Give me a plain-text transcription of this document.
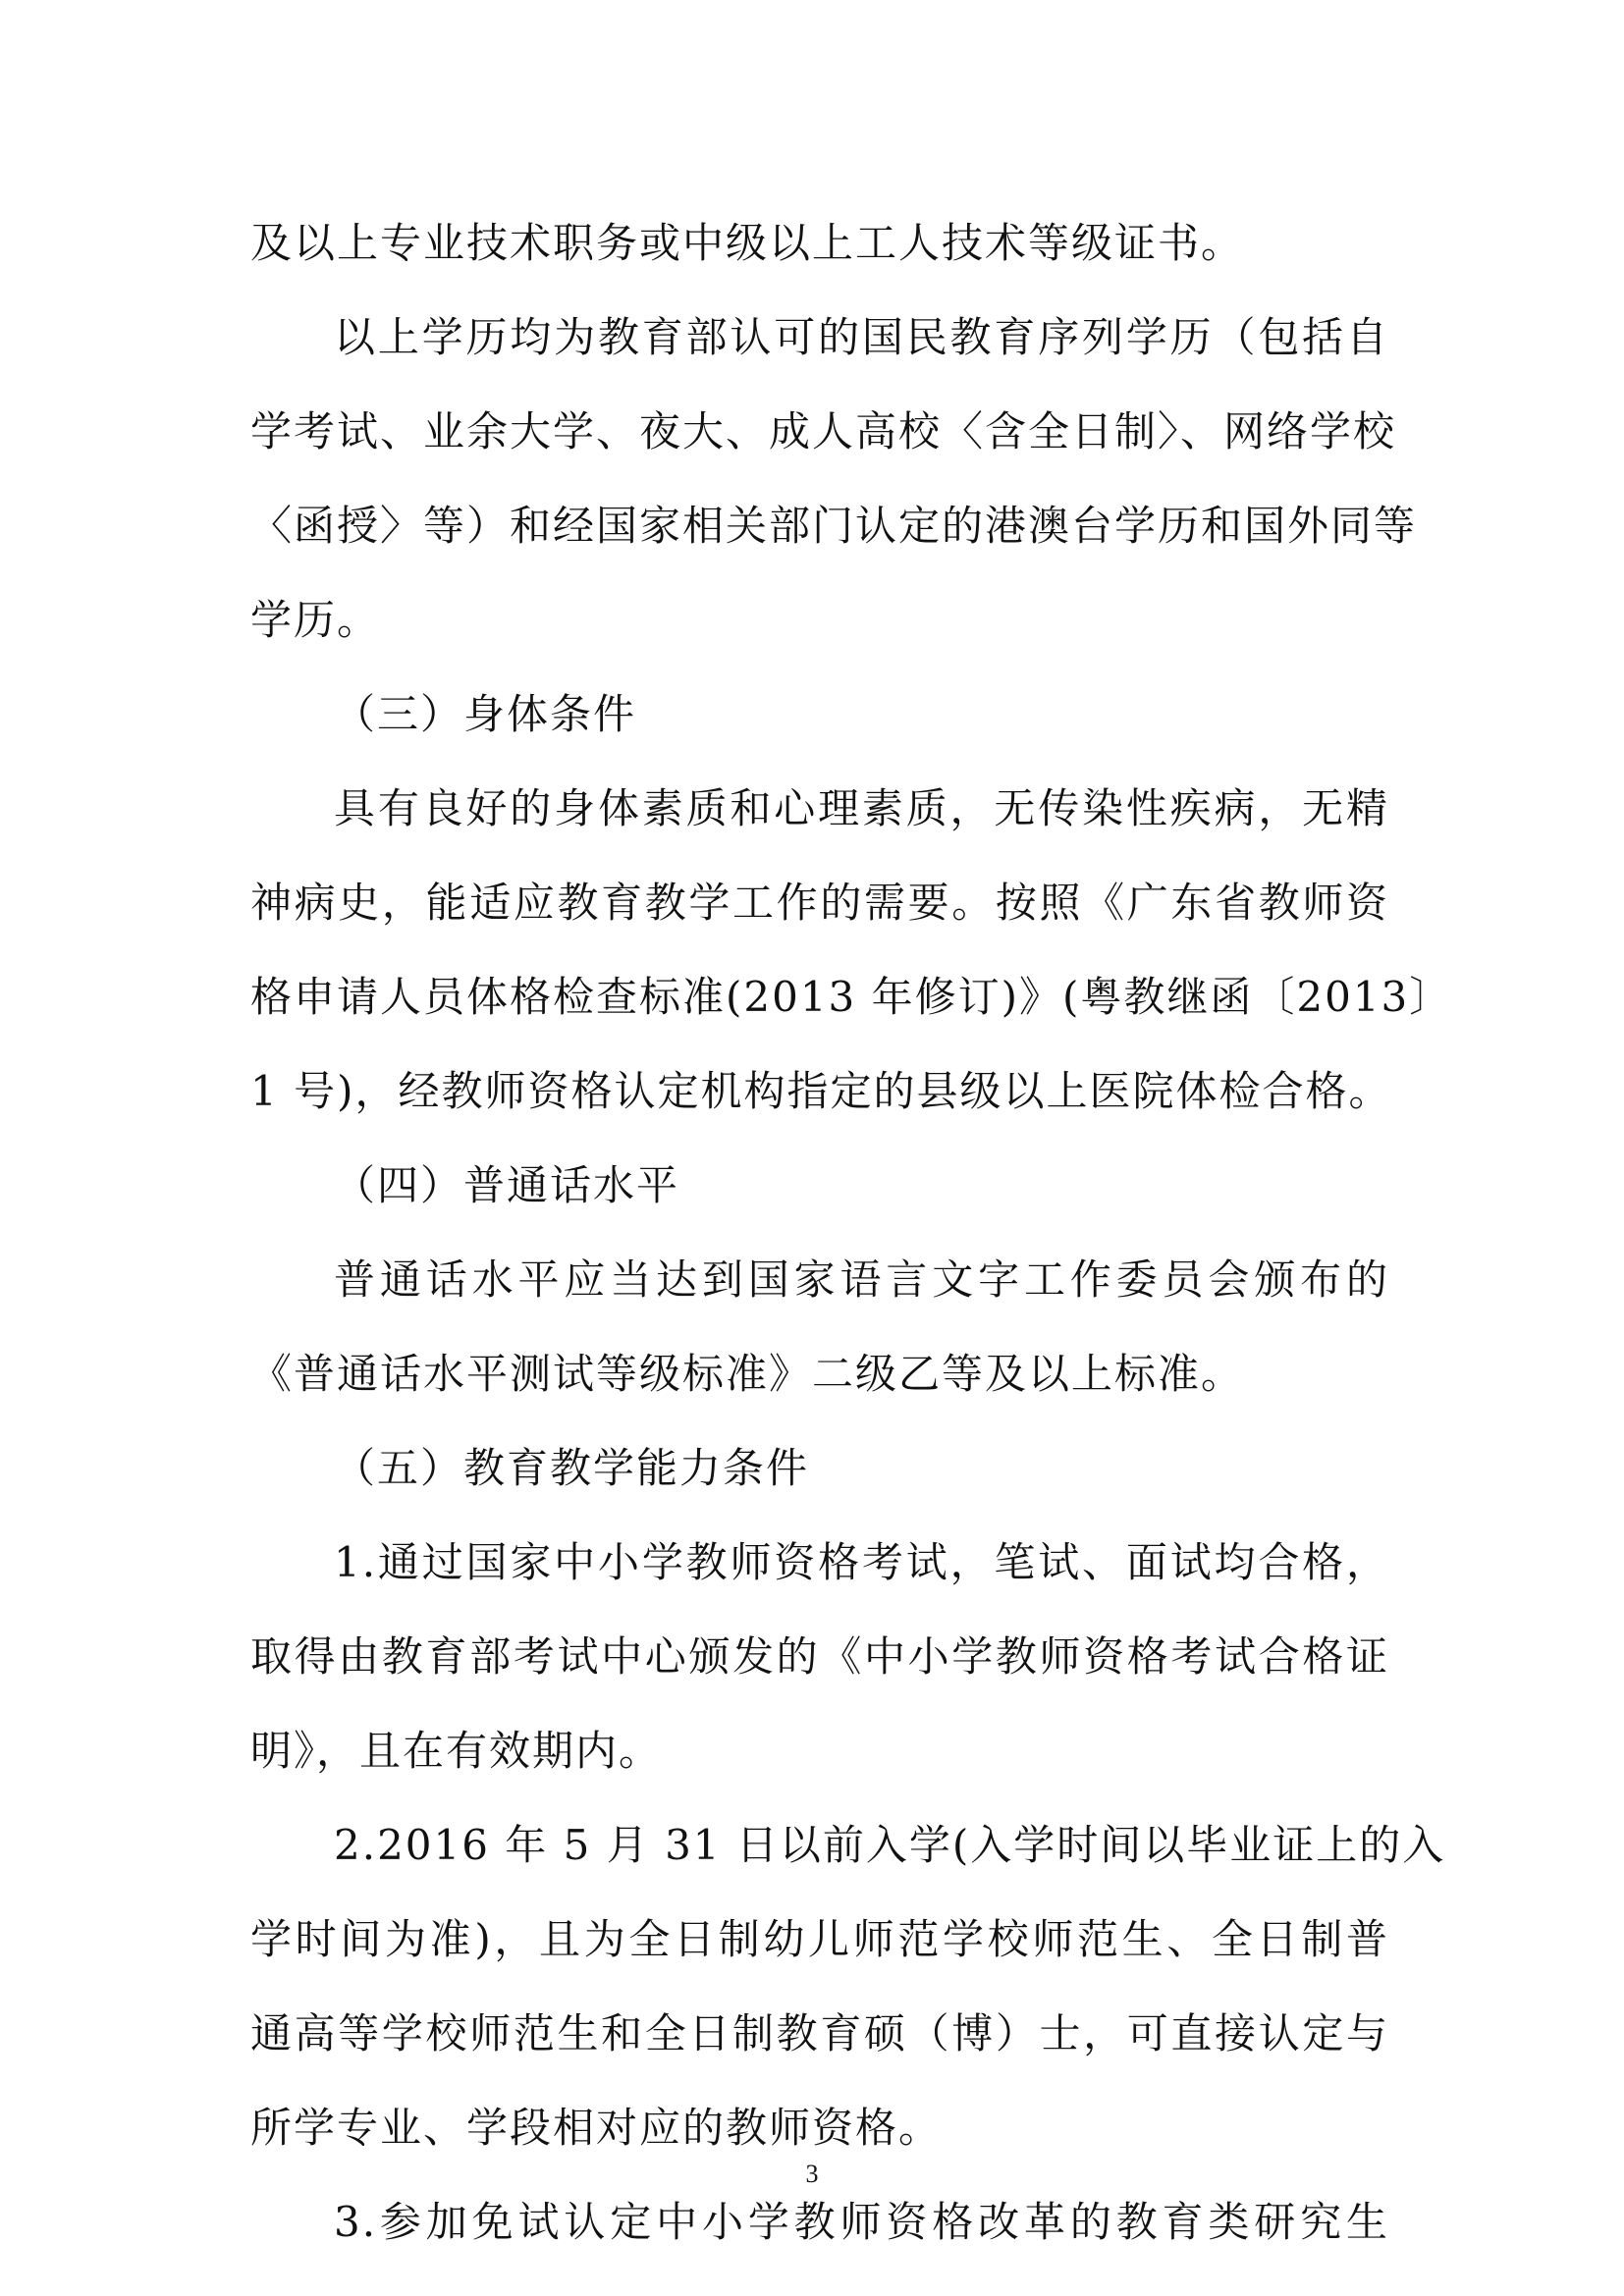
及以上专业技术职务或中级以上工人技术等级证书。
以上学历均为教育部认可的国民教育序列学历（包括自
学考试、业余大学、夜大、成人高校〈含全日制〉、网络学校
〈函授〉等）和经国家相关部门认定的港澳台学历和国外同等
学历。
（三）身体条件
具有良好的身体素质和心理素质，无传染性疾病，无精
神病史，能适应教育教学工作的需要。按照《广东省教师资
格申请人员体格检查标准(2013 年修订)》(粤教继函〔2013〕
1 号)，经教师资格认定机构指定的县级以上医院体检合格。
（四）普通话水平
普通话水平应当达到国家语言文字工作委员会颁布的
《普通话水平测试等级标准》二级乙等及以上标准。
（五）教育教学能力条件
1.通过国家中小学教师资格考试，笔试、面试均合格，
取得由教育部考试中心颁发的《中小学教师资格考试合格证
明》，且在有效期内。
2.2016 年 5 月 31 日以前入学(入学时间以毕业证上的入
学时间为准)，且为全日制幼儿师范学校师范生、全日制普
通高等学校师范生和全日制教育硕（博）士，可直接认定与
所学专业、学段相对应的教师资格。
3.参加免试认定中小学教师资格改革的教育类研究生
3
